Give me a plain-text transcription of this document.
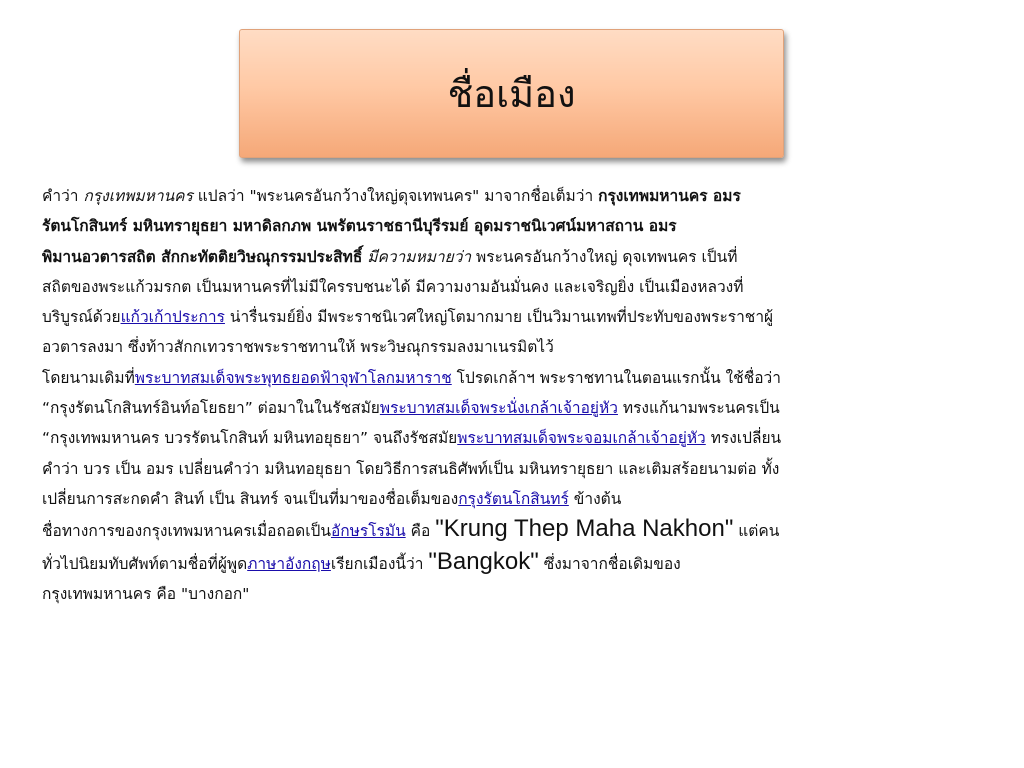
ชื่อเมือง

คำว่า กรุงเทพมหานคร แปลว่า "พระนครอันกว้างใหญ่ดุจเทพนคร" มาจากชื่อเต็มว่า กรุงเทพมหานคร อมร

รัตนโกสินทร์ มหินทรายุธยา มหาดิลกภพ นพรัตนราชธานีบุรีรมย์ อุดมราชนิเวศน์มหาสถาน อมร

พิมานอวตารสถิต สักกะทัตติยวิษณุกรรมประสิทธิ์ มีความหมายว่า พระนครอันกว้างใหญ่ ดุจเทพนคร เป็นที่

สถิตของพระแก้วมรกต เป็นมหานครที่ไม่มีใครรบชนะได้ มีความงามอันมั่นคง และเจริญยิ่ง เป็นเมืองหลวงที่

บริบูรณ์ด้วยแก้วเก้าประการ น่ารื่นรมย์ยิ่ง มีพระราชนิเวศใหญ่โตมากมาย เป็นวิมานเทพที่ประทับของพระราชาผู้

อวตารลงมา ซึ่งท้าวสักกเทวราชพระราชทานให้ พระวิษณุกรรมลงมาเนรมิตไว้

โดยนามเดิมที่พระบาทสมเด็จพระพุทธยอดฟ้าจุฬาโลกมหาราช โปรดเกล้าฯ พระราชทานในตอนแรกนั้น ใช้ชื่อว่า

“กรุงรัตนโกสินทร์อินท์อโยธยา” ต่อมาในในรัชสมัยพระบาทสมเด็จพระนั่งเกล้าเจ้าอยู่หัว ทรงแก้นามพระนครเป็น

“กรุงเทพมหานคร บวรรัตนโกสินท์ มหินทอยุธยา” จนถึงรัชสมัยพระบาทสมเด็จพระจอมเกล้าเจ้าอยู่หัว ทรงเปลี่ยน

คำว่า บวร เป็น อมร เปลี่ยนคำว่า มหินทอยุธยา โดยวิธีการสนธิศัพท์เป็น มหินทรายุธยา และเติมสร้อยนามต่อ ทั้ง

เปลี่ยนการสะกดคำ สินท์ เป็น สินทร์ จนเป็นที่มาของชื่อเต็มของกรุงรัตนโกสินทร์ ข้างต้น

ชื่อทางการของกรุงเทพมหานครเมื่อถอดเป็นอักษรโรมัน คือ "Krung Thep Maha Nakhon" แต่คน

ทั่วไปนิยมทับศัพท์ตามชื่อที่ผู้พูดภาษาอังกฤษเรียกเมืองนี้ว่า "Bangkok" ซึ่งมาจากชื่อเดิมของ

กรุงเทพมหานคร คือ "บางกอก"
